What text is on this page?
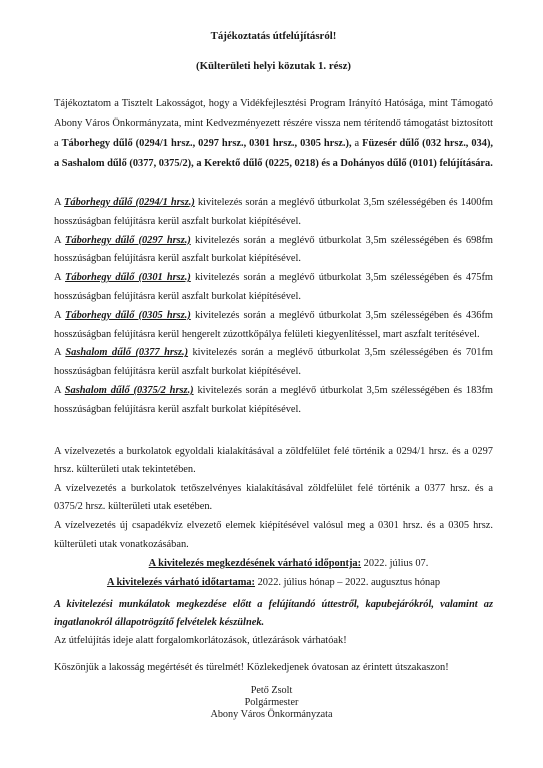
Tájékoztatás útfelújításról!
(Külterületi helyi közutak 1. rész)
Tájékoztatom a Tisztelt Lakosságot, hogy a Vidékfejlesztési Program Irányító Hatósága, mint Támogató Abony Város Önkormányzata, mint Kedvezményezett részére vissza nem térítendő támogatást biztosított a Táborhegy dűlő (0294/1 hrsz., 0297 hrsz., 0301 hrsz., 0305 hrsz.), a Füzesér dűlő (032 hrsz., 034), a Sashalom dűlő (0377, 0375/2), a Kerektő dűlő (0225, 0218) és a Dohányos dűlő (0101) felújítására.
A Táborhegy dűlő (0294/1 hrsz.) kivitelezés során a meglévő útburkolat 3,5m szélességében és 1400fm hosszúságban felújításra kerül aszfalt burkolat kiépítésével.
A Táborhegy dűlő (0297 hrsz.) kivitelezés során a meglévő útburkolat 3,5m szélességében és 698fm hosszúságban felújításra kerül aszfalt burkolat kiépítésével.
A Táborhegy dűlő (0301 hrsz.) kivitelezés során a meglévő útburkolat 3,5m szélességében és 475fm hosszúságban felújításra kerül aszfalt burkolat kiépítésével.
A Táborhegy dűlő (0305 hrsz.) kivitelezés során a meglévő útburkolat 3,5m szélességében és 436fm hosszúságban felújításra kerül hengerelt zúzottkőpálya felületi kiegyenlítéssel, mart aszfalt terítésével.
A Sashalom dűlő (0377 hrsz.) kivitelezés során a meglévő útburkolat 3,5m szélességében és 701fm hosszúságban felújításra kerül aszfalt burkolat kiépítésével.
A Sashalom dűlő (0375/2 hrsz.) kivitelezés során a meglévő útburkolat 3,5m szélességében és 183fm hosszúságban felújításra kerül aszfalt burkolat kiépítésével.

A vízelvezetés a burkolatok egyoldali kialakításával a zöldfelület felé történik a 0294/1 hrsz. és a 0297 hrsz. külterületi utak tekintetében.

A vízelvezetés a burkolatok tetőszelvényes kialakításával zöldfelület felé történik a 0377 hrsz. és a 0375/2 hrsz. külterületi utak esetében.

A vízelvezetés új csapadékvíz elvezető elemek kiépítésével valósul meg a 0301 hrsz. és a 0305 hrsz. külterületi utak vonatkozásában.

A kivitelezés megkezdésének várható időpontja: 2022. július 07.
A kivitelezés várható időtartama: 2022. július hónap – 2022. augusztus hónap
A kivitelezési munkálatok megkezdése előtt a felújítandó úttestről, kapubejárókról, valamint az ingatlanokról állapotrögzítő felvételek készülnek.
Az útfelújítás ideje alatt forgalomkorlátozások, útlezárások várhatóak!
Köszönjük a lakosság megértését és türelmét! Közlekedjenek óvatosan az érintett útszakaszon!
Pető Zsolt
Polgármester
Abony Város Önkormányzata
